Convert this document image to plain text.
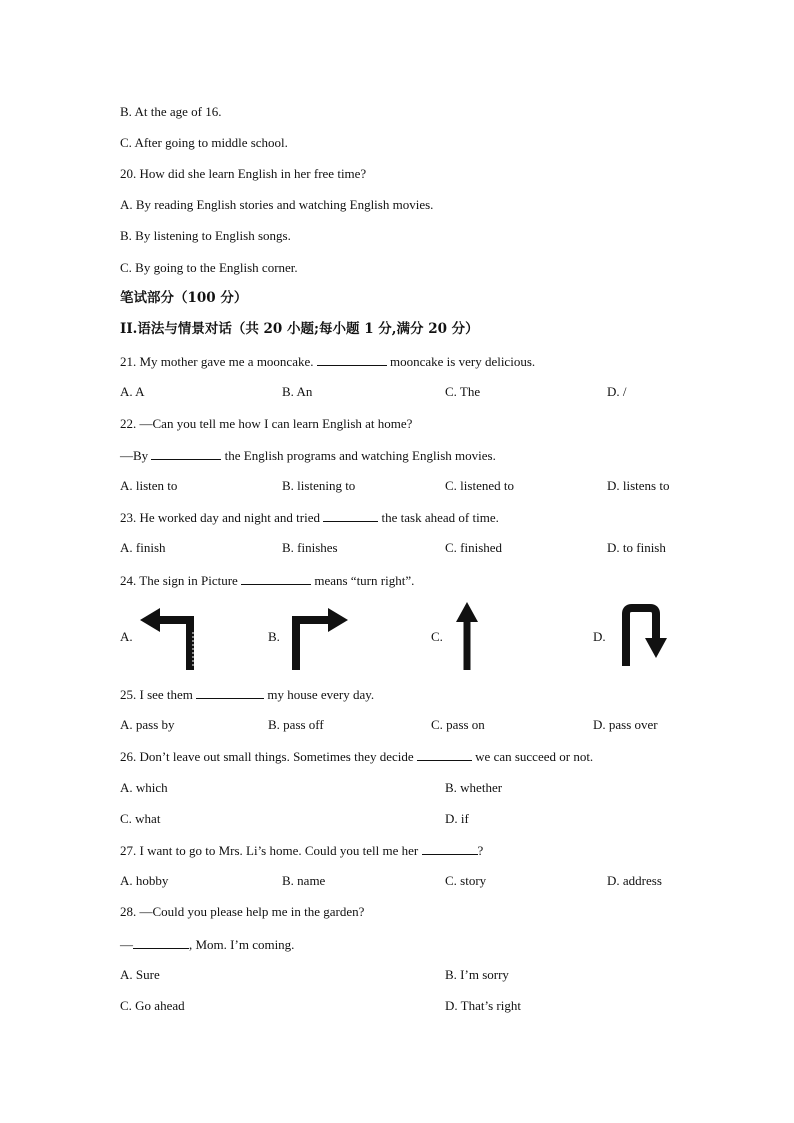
B. At the age of 16.
C. After going to middle school.
20. How did she learn English in her free time?
A. By reading English stories and watching English movies.
B. By listening to English songs.
C. By going to the English corner.
笔试部分（100 分）
II.语法与情景对话（共 20 小题;每小题 1 分,满分 20 分）
21. My mother gave me a mooncake.	mooncake is very delicious.
A. A	B. An	C. The	D. /
22. —Can you tell me how I can learn English at home?
—By	the English programs and watching English movies.
A. listen to	B. listening to	C. listened to	D. listens to
23. He worked day and night and tried	the task ahead of time.
A. finish	B. finishes	C. finished	D. to finish
24. The sign in Picture	means “turn right”.
A.	B.	C.	D.
25. I see them	my house every day.
A. pass by	B. pass off	C. pass on	D. pass over
26. Don’t leave out small things. Sometimes they decide	we can succeed or not.
A. which	B. whether
C. what	D. if
27. I want to go to Mrs. Li’s home. Could you tell me her	?
A. hobby	B. name	C. story	D. address
28. —Could you please help me in the garden?
—	, Mom. I’m coming.
A. Sure	B. I’m sorry
C. Go ahead	D. That’s right
